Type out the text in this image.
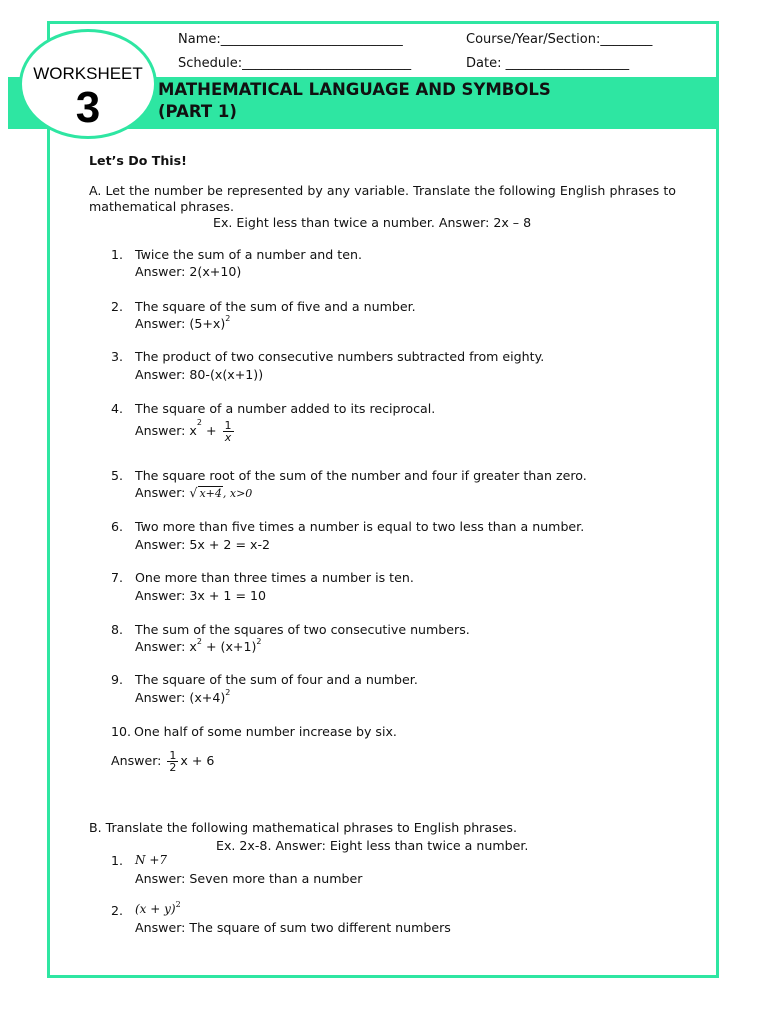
WORKSHEET
3
Name:____________________________	Course/Year/Section:________
Schedule:__________________________	Date: ___________________
MATHEMATICAL LANGUAGE AND SYMBOLS
(PART 1)
Let’s Do This!
A. Let the number be represented by any variable. Translate the following English phrases to mathematical phrases.
Ex. Eight less than twice a number. Answer: 2x – 8
1. Twice the sum of a number and ten.
Answer: 2(x+10)
2. The square of the sum of five and a number.
Answer: $(5+x)^2$
3. The product of two consecutive numbers subtracted from eighty.
Answer: 80-(x(x+1))
4. The square of a number added to its reciprocal.
Answer: $x^2 + \frac{1}{x}$
5. The square root of the sum of the number and four if greater than zero.
Answer: √ x+4, x>0
6. Two more than five times a number is equal to two less than a number.
Answer: 5x + 2 = x-2
7. One more than three times a number is ten.
Answer: 3x + 1 = 10
8. The sum of the squares of two consecutive numbers.
Answer: $x^2 + (x+1)^2$
9. The square of the sum of four and a number.
Answer: $(x+4)^2$
10. One half of some number increase by six.
Answer: $\frac{1}{2}$ x + 6
B. Translate the following mathematical phrases to English phrases.
Ex. 2x-8. Answer: Eight less than twice a number.
1. N +7
Answer: Seven more than a number
2. $(x + y)^2$
Answer: The square of sum two different numbers
